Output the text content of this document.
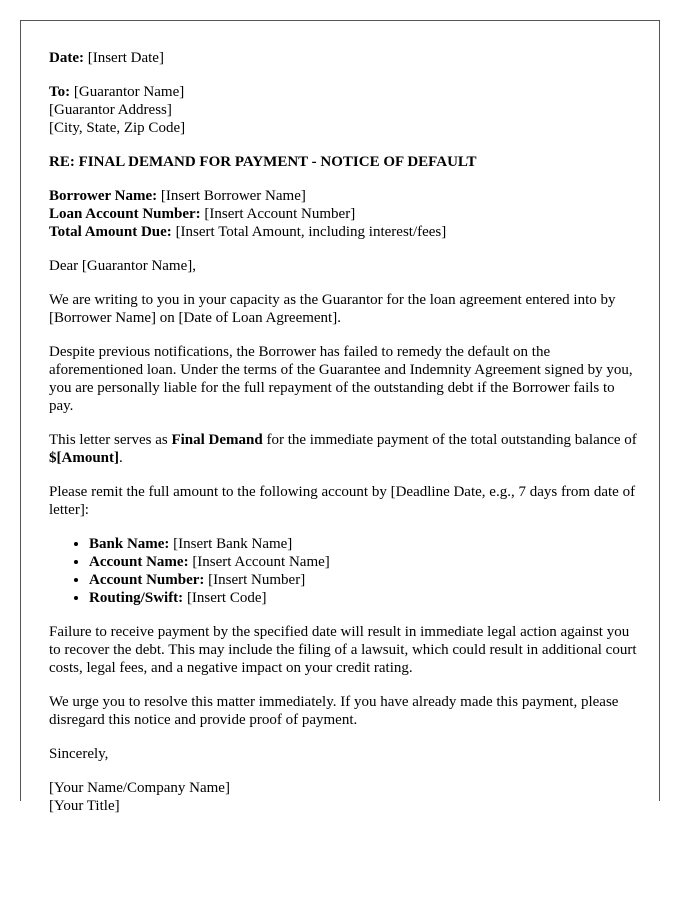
Date: [Insert Date]

To: [Guarantor Name]
[Guarantor Address]
[City, State, Zip Code]

RE: FINAL DEMAND FOR PAYMENT - NOTICE OF DEFAULT

Borrower Name: [Insert Borrower Name]
Loan Account Number: [Insert Account Number]
Total Amount Due: [Insert Total Amount, including interest/fees]

Dear [Guarantor Name],

We are writing to you in your capacity as the Guarantor for the loan agreement entered into by [Borrower Name] on [Date of Loan Agreement].

Despite previous notifications, the Borrower has failed to remedy the default on the aforementioned loan. Under the terms of the Guarantee and Indemnity Agreement signed by you, you are personally liable for the full repayment of the outstanding debt if the Borrower fails to pay.

This letter serves as Final Demand for the immediate payment of the total outstanding balance of $[Amount].

Please remit the full amount to the following account by [Deadline Date, e.g., 7 days from date of letter]:

• Bank Name: [Insert Bank Name]
• Account Name: [Insert Account Name]
• Account Number: [Insert Number]
• Routing/Swift: [Insert Code]

Failure to receive payment by the specified date will result in immediate legal action against you to recover the debt. This may include the filing of a lawsuit, which could result in additional court costs, legal fees, and a negative impact on your credit rating.

We urge you to resolve this matter immediately. If you have already made this payment, please disregard this notice and provide proof of payment.

Sincerely,

[Your Name/Company Name]
[Your Title]
